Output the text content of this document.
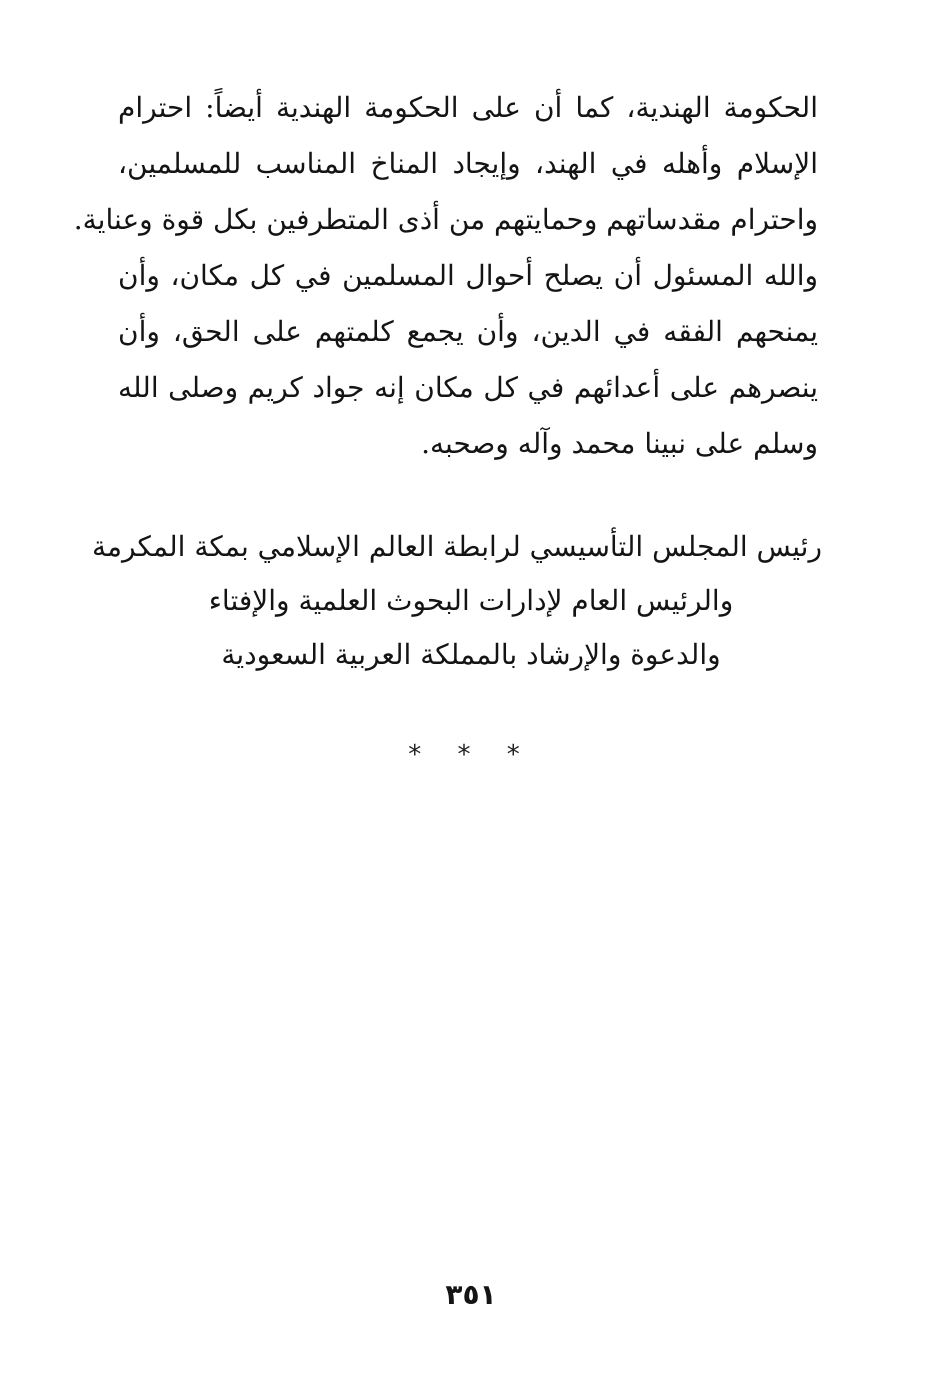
الحكومة الهندية، كما أن على الحكومة الهندية أيضاً: احترام
الإسلام وأهله في الهند، وإيجاد المناخ المناسب للمسلمين،
واحترام مقدساتهم وحمايتهم من أذى المتطرفين بكل قوة وعناية.
والله المسئول أن يصلح أحوال المسلمين في كل مكان، وأن
يمنحهم الفقه في الدين، وأن يجمع كلمتهم على الحق، وأن
ينصرهم على أعدائهم في كل مكان إنه جواد كريم وصلى الله
وسلم على نبينا محمد وآله وصحبه.
رئيس المجلس التأسيسي لرابطة العالم الإسلامي بمكة المكرمة
والرئيس العام لإدارات البحوث العلمية والإفتاء
والدعوة والإرشاد بالمملكة العربية السعودية
* * *
٣٥١
